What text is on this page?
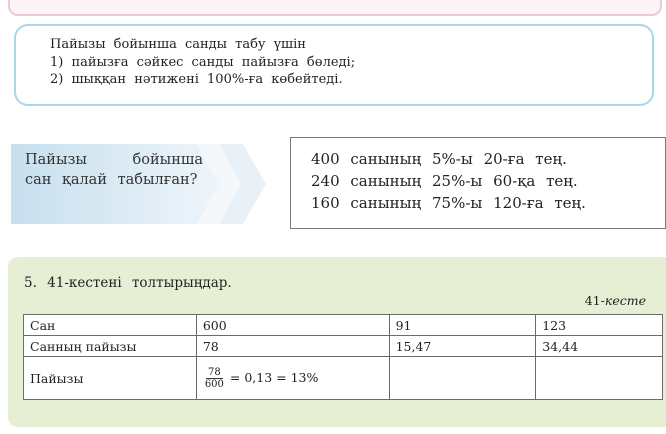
Пайызы бойынша санды табу үшін
1) пайызға сәйкес санды пайызға бөледі;
2) шыққан нәтижені 100%-ға көбейтеді.
Пайызы бойынша сан қалай табылған?
400 санының 5%-ы 20-ға тең.
240 санының 25%-ы 60-қа тең.
160 санының 75%-ы 120-ға тең.
5. 41-кестені толтырыңдар.
41-кесте
Сан	600	91	123
Санның пайызы	78	15,47	34,44
Пайызы	$\frac{78}{600} = 0,13 = 13\%$		
